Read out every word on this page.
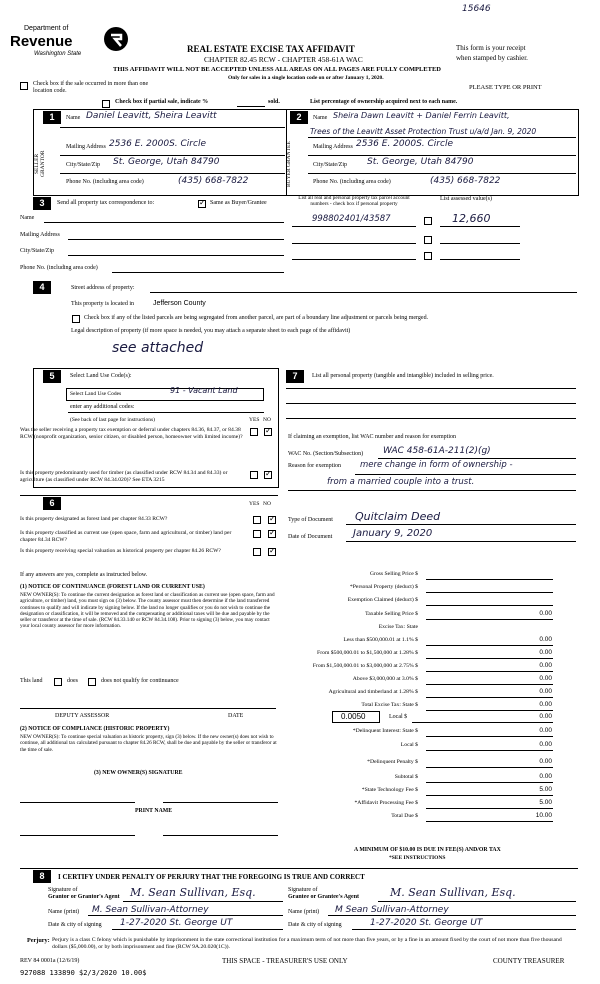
15646
Department of
Revenue
Washington State	REAL ESTATE EXCISE TAX AFFIDAVIT
CHAPTER 82.45 RCW - CHAPTER 458-61A WAC
THIS AFFIDAVIT WILL NOT BE ACCEPTED UNLESS ALL AREAS ON ALL PAGES ARE FULLY COMPLETED
Only for sales in a single location code on or after January 1, 2020.
This form is your receipt
when stamped by cashier.
PLEASE TYPE OR PRINT
Check box if the sale occurred in more than one location code.
Check box if partial sale, indicate %	sold.	List percentage of ownership acquired next to each name.
1
SELLER GRANTOR
Name Daniel Leavitt, Sheira Leavitt
Mailing Address 2536 E. 2000S. Circle
City/State/Zip St. George, Utah 84790
Phone No. (including area code)	(435) 668-7822
2
BUYER GRANTEE
Name Sheira Dawn Leavitt + Daniel Ferrin Leavitt,
Trees of the Leavitt Asset Protection Trust u/a/d Jan. 9, 2020
Mailing Address 2536 E. 2000S. Circle
City/State/Zip St. George, Utah 84790
Phone No. (including area code)	(435) 668-7822
3	Send all property tax correspondence to: ✓	Same as Buyer/Grantee
List all real and personal property tax parcel account numbers - check box if personal property
List assessed value(s)
Name
Mailing Address
City/State/Zip
Phone No. (including area code)
998802401/43587	12,660
4	Street address of property:
This property is located in	Jefferson County
Check box if any of the listed parcels are being segregated from another parcel, are part of a boundary line adjustment or parcels being merged.
Legal description of property (if more space is needed, you may attach a separate sheet to each page of the affidavit)
see attached
5	Select Land Use Code(s):
Select Land Use Codes	91 - Vacant Land
enter any additional codes:
(See back of last page for instructions)	YES NO
Was the seller receiving a property tax exemption or deferral under chapters 84.36, 84.37, or 84.38 RCW (nonprofit organization, senior citizen, or disabled person, homeowner with limited income)?
✓
Is this property predominantly used for timber (as classified under RCW 84.34 and 84.33) or agriculture (as classified under RCW 84.34.020)? See ETA 3215
✓
6	YES NO
Is this property designated as forest land per chapter 84.33 RCW?
✓
Is this property classified as current use (open space, farm and agricultural, or timber) land per chapter 84.34 RCW?
✓
Is this property receiving special valuation as historical property per chapter 84.26 RCW?
✓
If any answers are yes, complete as instructed below.
(1) NOTICE OF CONTINUANCE (FOREST LAND OR CURRENT USE)
NEW OWNER(S): To continue the current designation as forest land or classification as current use (open space, farm and agriculture, or timber) land, you must sign on (3) below. The county assessor must then determine if the land transferred continues to qualify and will indicate by signing below. If the land no longer qualifies or you do not wish to continue the designation or classification, it will be removed and the compensating or additional taxes will be due and payable by the seller or transferor at the time of sale. (RCW 84.33.140 or RCW 84.34.108). Prior to signing (3) below, you may contact your local county assessor for more information.
This land	does	does not qualify for continuance
DEPUTY ASSESSOR	DATE
(2) NOTICE OF COMPLIANCE (HISTORIC PROPERTY)
NEW OWNER(S): To continue special valuation as historic property, sign (3) below. If the new owner(s) does not wish to continue, all additional tax calculated pursuant to chapter 84.26 RCW, shall be due and payable by the seller or transferor at the time of sale.
(3) NEW OWNER(S) SIGNATURE
PRINT NAME
7	List all personal property (tangible and intangible) included in selling price.
If claiming an exemption, list WAC number and reason for exemption
WAC No. (Section/Subsection) WAC 458-61A-211(2)(g)
Reason for exemption mere change in form of ownership -
from a married couple into a trust.
Type of Document Quitclaim Deed
Date of Document January 9, 2020
Gross Selling Price $
*Personal Property (deduct) $
Exemption Claimed (deduct) $
Taxable Selling Price $	0.00
Excise Tax: State
Less than $500,000.01 at 1.1% $	0.00
From $500,000.01 to $1,500,000 at 1.28% $	0.00
From $1,500,000.01 to $3,000,000 at 2.75% $	0.00
Above $3,000,000 at 3.0% $	0.00
Agricultural and timberland at 1.28% $	0.00
Total Excise Tax: State $	0.00
*Delinquent Interest: State $	0.00
Local $	0.00
*Delinquent Penalty $	0.00
Subtotal $	0.00
*State Technology Fee $	5.00
*Affidavit Processing Fee $	5.00
Total Due $	10.00
0.0050	Local $	0.00
A MINIMUM OF $10.00 IS DUE IN FEE(S) AND/OR TAX
*SEE INSTRUCTIONS
8	I CERTIFY UNDER PENALTY OF PERJURY THAT THE FOREGOING IS TRUE AND CORRECT
Signature of
Grantor or Grantor's Agent M. Sean Sullivan, Esq.	Signature of
Grantee or Grantee's Agent	M. Sean Sullivan, Esq.
Name (print) M. Sean Sullivan-Attorney	Name (print) M Sean Sullivan-Attorney
Date & city of signing 1-27-2020 St. George UT	Date & city of signing	1-27-2020 St. George UT
Perjury: Perjury is a class C felony which is punishable by imprisonment in the state correctional institution for a maximum term of not more than five years, or by a fine in an amount fixed by the court of not more than five thousand dollars ($5,000.00), or by both imprisonment and fine (RCW 9A.20.020(1C)).
REV 84 0001a (12/6/19)	THIS SPACE - TREASURER'S USE ONLY	COUNTY TREASURER
927088 133890 $2/3/2020 10.00$
